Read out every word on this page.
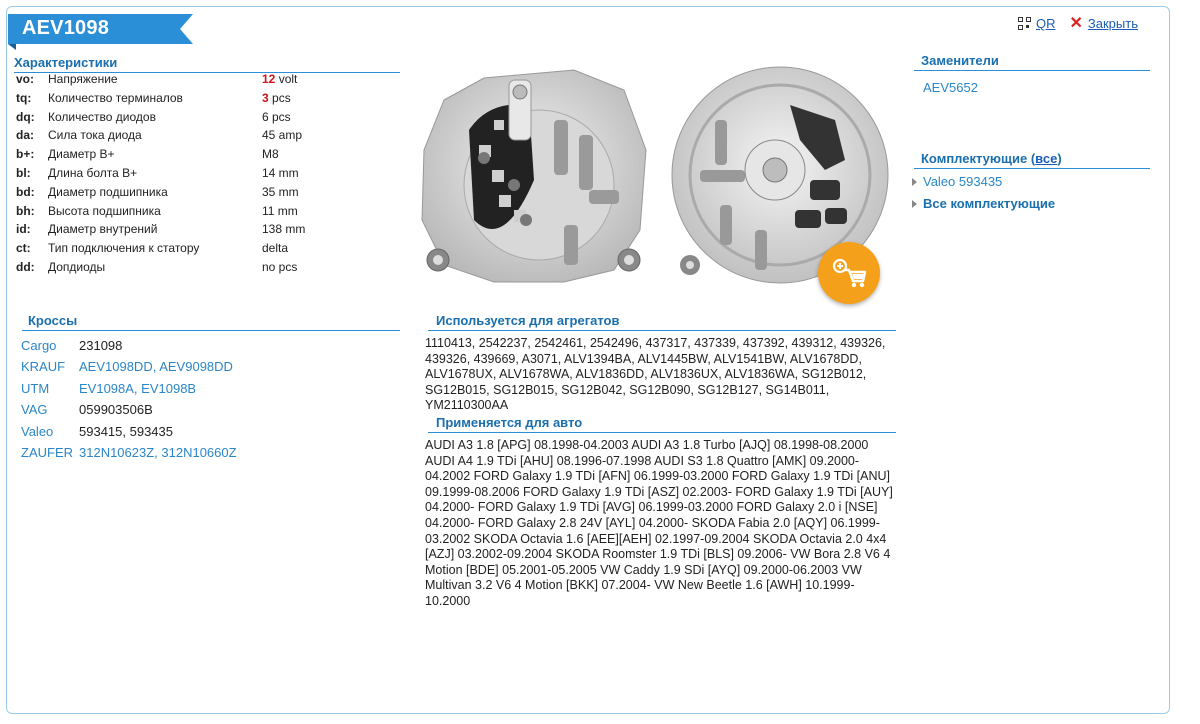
AEV1098	QR ✕ Закрыть
Характеристики
vo: Напряжение	12 volt
tq: Количество терминалов	3 pcs
dq: Количество диодов	6 pcs
da: Сила тока диода	45 amp
b+: Диаметр B+	M8
bl: Длина болта B+	14 mm
bd: Диаметр подшипника	35 mm
bh: Высота подшипника	11 mm
id: Диаметр внутрений	138 mm
ct: Тип подключения к статору	delta
dd: Допдиоды	no pcs
Кроссы
Cargo 231098
KRAUF AEV1098DD, AEV9098DD
UTM EV1098A, EV1098B
VAG 059903506B
Valeo 593415, 593435
ZAUFER 312N10623Z, 312N10660Z
Используется для агрегатов
1110413, 2542237, 2542461, 2542496, 437317, 437339, 437392, 439312, 439326, 439326, 439669, A3071, ALV1394BA, ALV1445BW, ALV1541BW, ALV1678DD, ALV1678UX, ALV1678WA, ALV1836DD, ALV1836UX, ALV1836WA, SG12B012, SG12B015, SG12B015, SG12B042, SG12B090, SG12B127, SG14B011, YM2110300AA
Применяется для авто
AUDI A3 1.8 [APG] 08.1998-04.2003 AUDI A3 1.8 Turbo [AJQ] 08.1998-08.2000 AUDI A4 1.9 TDi [AHU] 08.1996-07.1998 AUDI S3 1.8 Quattro [AMK] 09.2000-04.2002 FORD Galaxy 1.9 TDi [AFN] 06.1999-03.2000 FORD Galaxy 1.9 TDi [ANU] 09.1999-08.2006 FORD Galaxy 1.9 TDi [ASZ] 02.2003- FORD Galaxy 1.9 TDi [AUY] 04.2000- FORD Galaxy 1.9 TDi [AVG] 06.1999-03.2000 FORD Galaxy 2.0 i [NSE] 04.2000- FORD Galaxy 2.8 24V [AYL] 04.2000- SKODA Fabia 2.0 [AQY] 06.1999-03.2002 SKODA Octavia 1.6 [AEE][AEH] 02.1997-09.2004 SKODA Octavia 2.0 4x4 [AZJ] 03.2002-09.2004 SKODA Roomster 1.9 TDi [BLS] 09.2006- VW Bora 2.8 V6 4 Motion [BDE] 05.2001-05.2005 VW Caddy 1.9 SDi [AYQ] 09.2000-06.2003 VW Multivan 3.2 V6 4 Motion [BKK] 07.2004- VW New Beetle 1.6 [AWH] 10.1999-10.2000
Заменители
AEV5652
Комплектующие (все)
Valeo 593435
Все комплектующие
